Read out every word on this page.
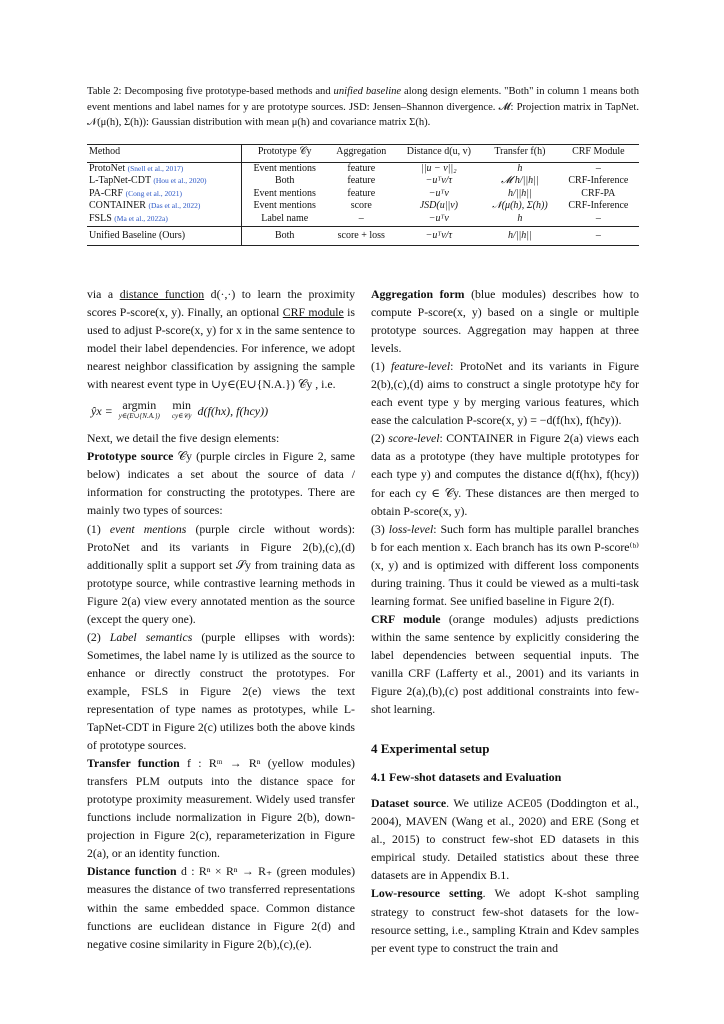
Table 2: Decomposing five prototype-based methods and unified baseline along design elements. "Both" in column 1 means both event mentions and label names for y are prototype sources. JSD: Jensen–Shannon divergence. 𝓜: Projection matrix in TapNet. 𝒩(μ(h), Σ(h)): Gaussian distribution with mean μ(h) and covariance matrix Σ(h).
Method	Prototype 𝒞y	Aggregation	Distance d(u, v)	Transfer f(h)	CRF Module
ProtoNet (Snell et al., 2017)	Event mentions	feature	||u − v||₂	h	–
L-TapNet-CDT (Hou et al., 2020)	Both	feature	−uᵀv/τ	𝓜 h/||h||	CRF-Inference
PA-CRF (Cong et al., 2021)	Event mentions	feature	−uᵀv	h/||h||	CRF-PA
CONTAINER (Das et al., 2022)	Event mentions	score	JSD(u||v)	𝒩(μ(h), Σ(h))	CRF-Inference
FSLS (Ma et al., 2022a)	Label name	–	−uᵀv	h	–
Unified Baseline (Ours)	Both	score + loss	−uᵀv/τ	h/||h||	–

via a distance function d(·,·) to learn the proximity scores P-score(x, y). Finally, an optional CRF module is used to adjust P-score(x, y) for x in the same sentence to model their label dependencies. For inference, we adopt nearest neighbor classification by assigning the sample with nearest event type in ∪y∈(E∪{N.A.}) 𝒞y , i.e.

ŷx = argmin
y∈(E∪{N.A.})
min
cy∈𝒞y d(f(hx), f(hcy))

Next, we detail the five design elements:

Prototype source 𝒞y (purple circles in Figure 2, same below) indicates a set about the source of data / information for constructing the prototypes. There are mainly two types of sources:

(1) event mentions (purple circle without words): ProtoNet and its variants in Figure 2(b),(c),(d) additionally split a support set 𝒮y from training data as prototype source, while contrastive learning methods in Figure 2(a) view every annotated mention as the source (except the query one).

(2) Label semantics (purple ellipses with words): Sometimes, the label name ly is utilized as the source to enhance or directly construct the prototypes. For example, FSLS in Figure 2(e) views the text representation of type names as prototypes, while L-TapNet-CDT in Figure 2(c) utilizes both the above kinds of prototype sources.

Transfer function f : Rᵐ → Rⁿ (yellow modules) transfers PLM outputs into the distance space for prototype proximity measurement. Widely used transfer functions include normalization in Figure 2(b), down-projection in Figure 2(c), reparameterization in Figure 2(a), or an identity function.

Distance function d : Rⁿ × Rⁿ → R₊ (green modules) measures the distance of two transferred representations within the same embedded space. Common distance functions are euclidean distance in Figure 2(d) and negative cosine similarity in Figure 2(b),(c),(e).

Aggregation form (blue modules) describes how to compute P-score(x, y) based on a single or multiple prototype sources. Aggregation may happen at three levels.

(1) feature-level: ProtoNet and its variants in Figure 2(b),(c),(d) aims to construct a single prototype hc̄y for each event type y by merging various features, which ease the calculation P-score(x, y) = −d(f(hx), f(hc̄y)).

(2) score-level: CONTAINER in Figure 2(a) views each data as a prototype (they have multiple prototypes for each type y) and computes the distance d(f(hx), f(hcy)) for each cy ∈ 𝒞y. These distances are then merged to obtain P-score(x, y).

(3) loss-level: Such form has multiple parallel branches b for each mention x. Each branch has its own P-score⁽ᵇ⁾(x, y) and is optimized with different loss components during training. Thus it could be viewed as a multi-task learning format. See unified baseline in Figure 2(f).

CRF module (orange modules) adjusts predictions within the same sentence by explicitly considering the label dependencies between sequential inputs. The vanilla CRF (Lafferty et al., 2001) and its variants in Figure 2(a),(b),(c) post additional constraints into few-shot learning.

4 Experimental setup
4.1 Few-shot datasets and Evaluation

Dataset source. We utilize ACE05 (Doddington et al., 2004), MAVEN (Wang et al., 2020) and ERE (Song et al., 2015) to construct few-shot ED datasets in this empirical study. Detailed statistics about these three datasets are in Appendix B.1.

Low-resource setting. We adopt K-shot sampling strategy to construct few-shot datasets for the low-resource setting, i.e., sampling Ktrain and Kdev samples per event type to construct the train and
